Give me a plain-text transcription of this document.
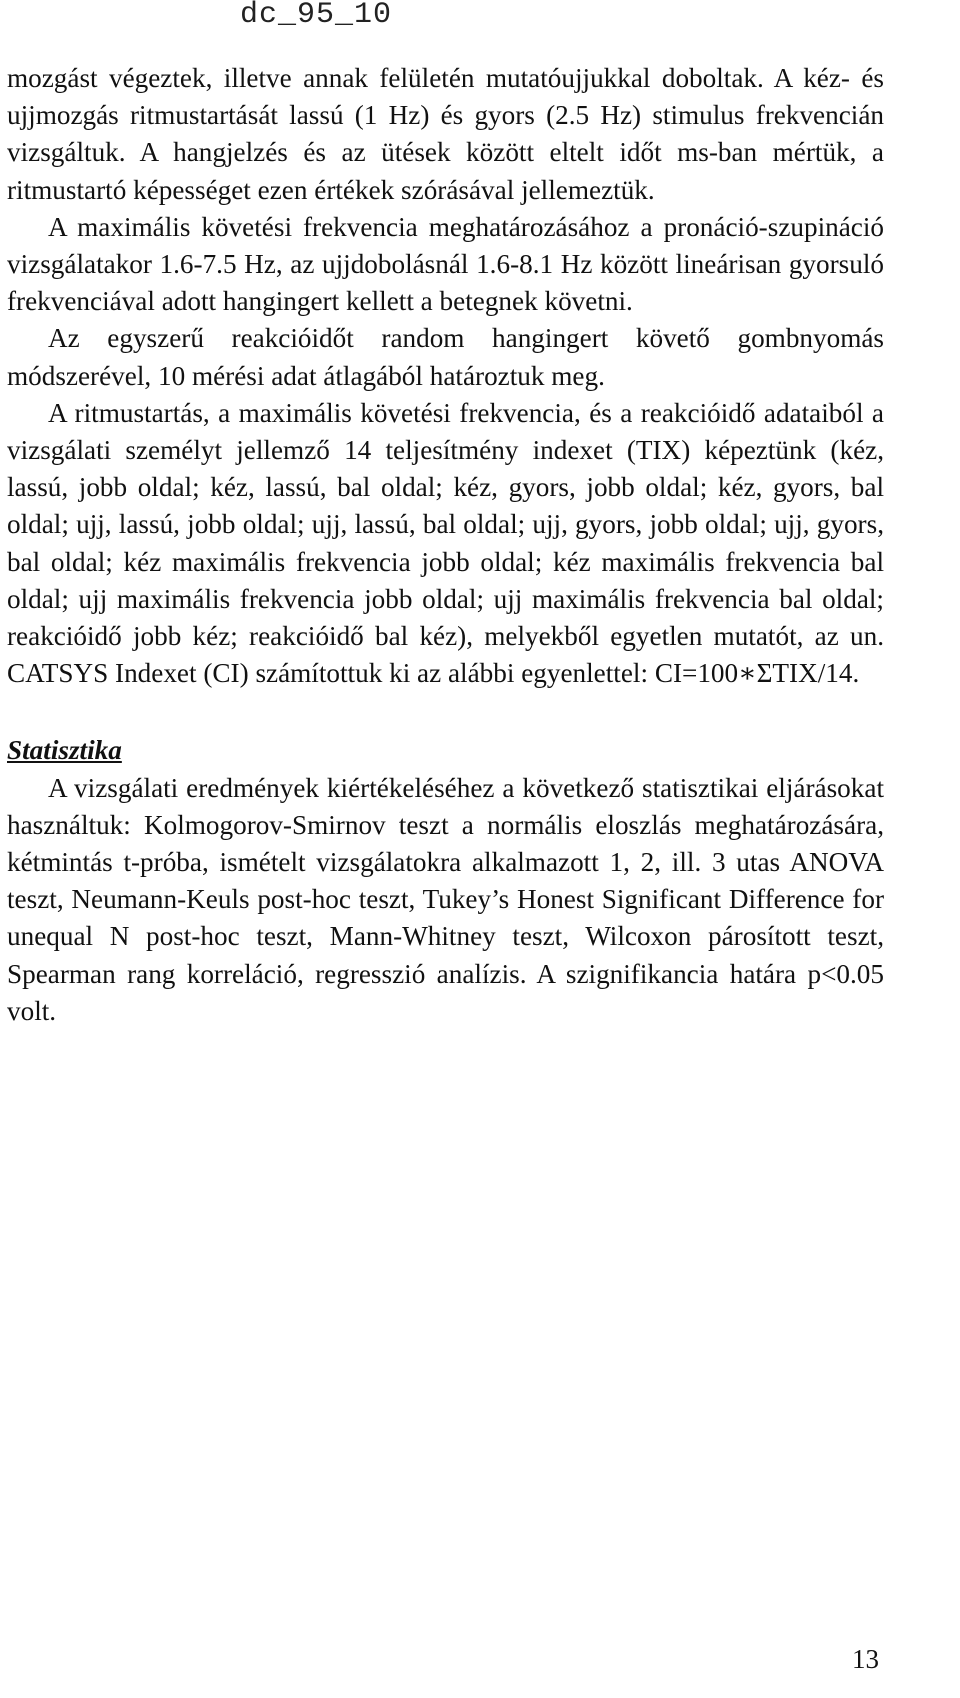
dc_95_10

mozgást végeztek, illetve annak felületén mutatóujjukkal doboltak. A kéz- és ujjmozgás ritmustartását lassú (1 Hz) és gyors (2.5 Hz) stimulus frekvencián vizsgáltuk. A hangjelzés és az ütések között eltelt időt ms-ban mértük, a ritmustartó képességet ezen értékek szórásával jellemeztük.

A maximális követési frekvencia meghatározásához a pronáció-szupináció vizsgálatakor 1.6-7.5 Hz, az ujjdobolásnál 1.6-8.1 Hz között lineárisan gyorsuló frekvenciával adott hangingert kellett a betegnek követni.

Az egyszerű reakcióidőt random hangingert követő gombnyomás módszerével, 10 mérési adat átlagából határoztuk meg.

A ritmustartás, a maximális követési frekvencia, és a reakcióidő adataiból a vizsgálati személyt jellemző 14 teljesítmény indexet (TIX) képeztünk (kéz, lassú, jobb oldal; kéz, lassú, bal oldal; kéz, gyors, jobb oldal; kéz, gyors, bal oldal; ujj, lassú, jobb oldal; ujj, lassú, bal oldal; ujj, gyors, jobb oldal; ujj, gyors, bal oldal; kéz maximális frekvencia jobb oldal; kéz maximális frekvencia bal oldal; ujj maximális frekvencia jobb oldal; ujj maximális frekvencia bal oldal; reakcióidő jobb kéz; reakcióidő bal kéz), melyekből egyetlen mutatót, az un. CATSYS Indexet (CI) számítottuk ki az alábbi egyenlettel: CI=100∗ΣTIX/14.

Statisztika

A vizsgálati eredmények kiértékeléséhez a következő statisztikai eljárásokat használtuk: Kolmogorov-Smirnov teszt a normális eloszlás meghatározására, kétmintás t-próba, ismételt vizsgálatokra alkalmazott 1, 2, ill. 3 utas ANOVA teszt, Neumann-Keuls post-hoc teszt, Tukey’s Honest Significant Difference for unequal N post-hoc teszt, Mann-Whitney teszt, Wilcoxon párosított teszt, Spearman rang korreláció, regresszió analízis. A szignifikancia határa p<0.05 volt.

13
